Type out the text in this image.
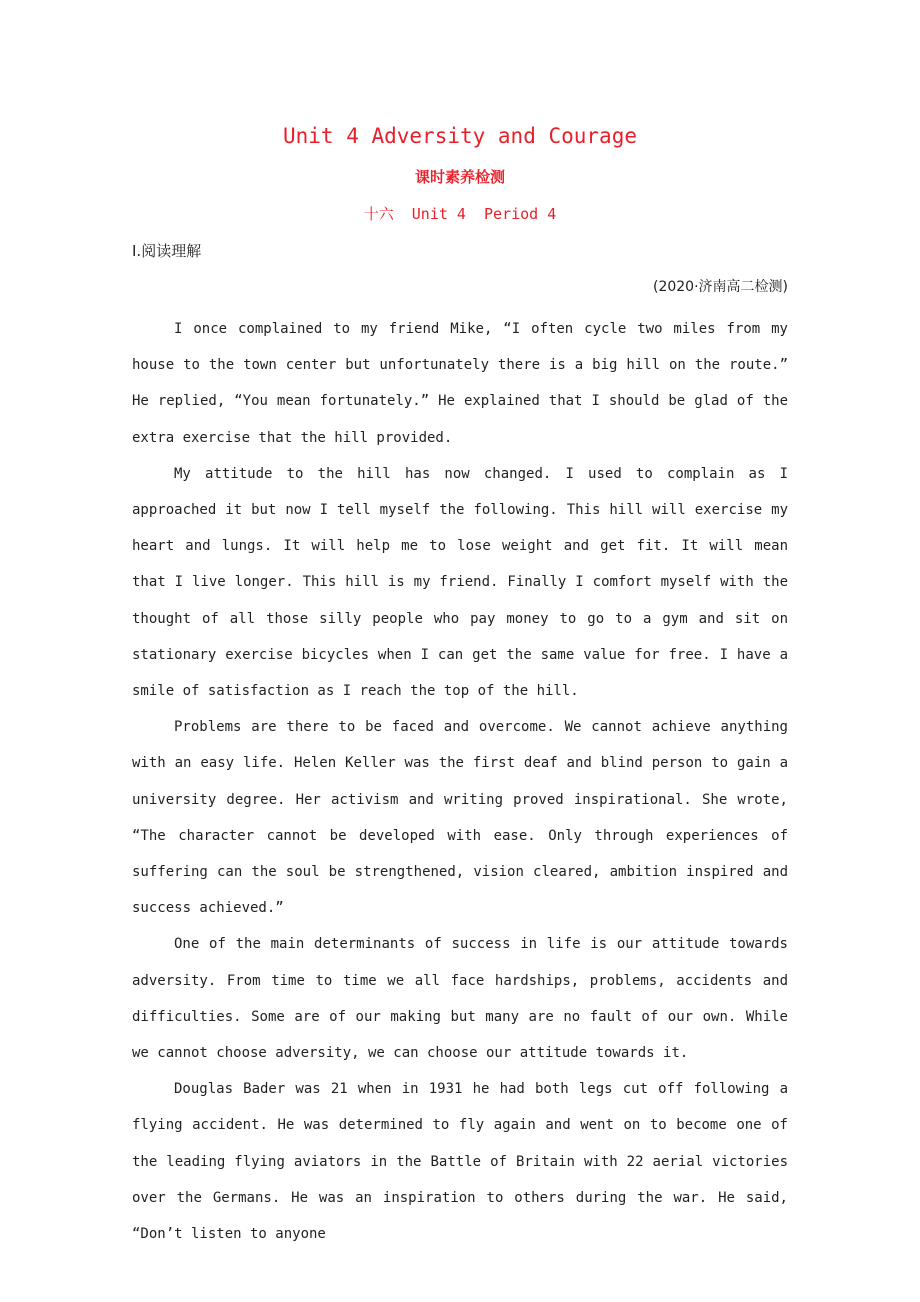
Unit 4 Adversity and Courage
课时素养检测
十六  Unit 4  Period 4
Ⅰ.阅读理解
(2020·济南高二检测)

I once complained to my friend Mike, “I often cycle two miles from my house to the town center but unfortunately there is a big hill on the route.” He replied, “You mean fortunately.” He explained that I should be glad of the extra exercise that the hill provided.

My attitude to the hill has now changed. I used to complain as I approached it but now I tell myself the following. This hill will exercise my heart and lungs. It will help me to lose weight and get fit. It will mean that I live longer. This hill is my friend. Finally I comfort myself with the thought of all those silly people who pay money to go to a gym and sit on stationary exercise bicycles when I can get the same value for free. I have a smile of satisfaction as I reach the top of the hill.

Problems are there to be faced and overcome. We cannot achieve anything with an easy life. Helen Keller was the first deaf and blind person to gain a university degree. Her activism and writing proved inspirational. She wrote, “The character cannot be developed with ease. Only through experiences of suffering can the soul be strengthened, vision cleared, ambition inspired and success achieved.”

One of the main determinants of success in life is our attitude towards adversity. From time to time we all face hardships, problems, accidents and difficulties. Some are of our making but many are no fault of our own. While we cannot choose adversity, we can choose our attitude towards it.

Douglas Bader was 21 when in 1931 he had both legs cut off following a flying accident. He was determined to fly again and went on to become one of the leading flying aviators in the Battle of Britain with 22 aerial victories over the Germans. He was an inspiration to others during the war. He said, “Don’t listen to anyone
